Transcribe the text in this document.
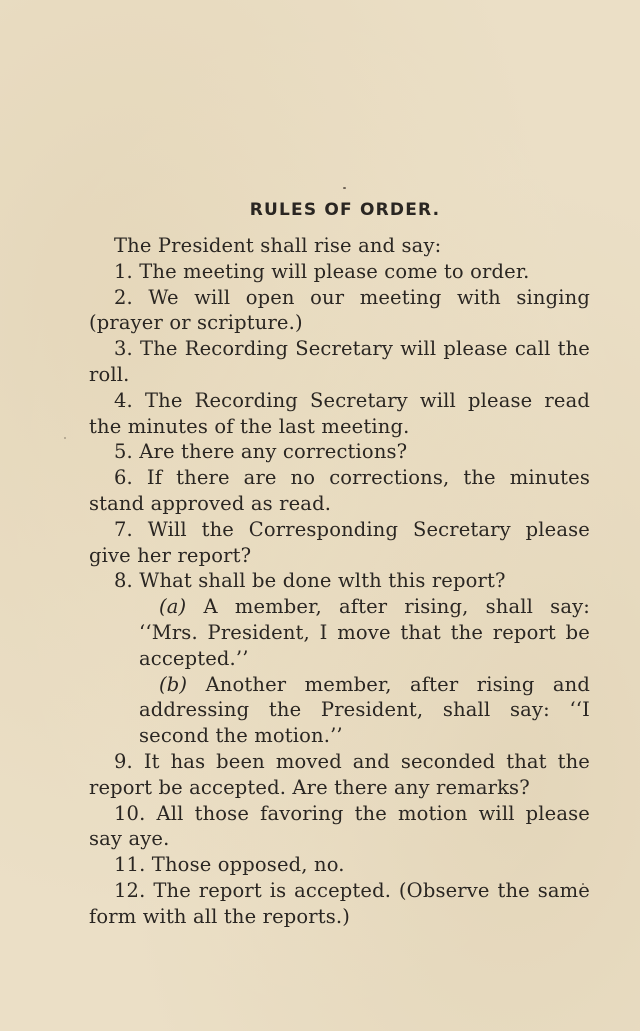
RULES OF ORDER.

The President shall rise and say:

1. The meeting will please come to order.

2. We will open our meeting with singing (prayer or scripture.)

3. The Recording Secretary will please call the roll.

4. The Recording Secretary will please read the minutes of the last meeting.

5. Are there any corrections?

6. If there are no corrections, the minutes stand approved as read.

7. Will the Corresponding Secretary please give her report?

8. What shall be done wlth this report?

(a) A member, after rising, shall say: ‘‘Mrs. President, I move that the report be accepted.’’

(b) Another member, after rising and addressing the President, shall say: ‘‘I second the motion.’’

9. It has been moved and seconded that the report be accepted. Are there any remarks?

10. All those favoring the motion will please say aye.

11. Those opposed, no.

12. The report is accepted. (Observe the same form with all the reports.)
